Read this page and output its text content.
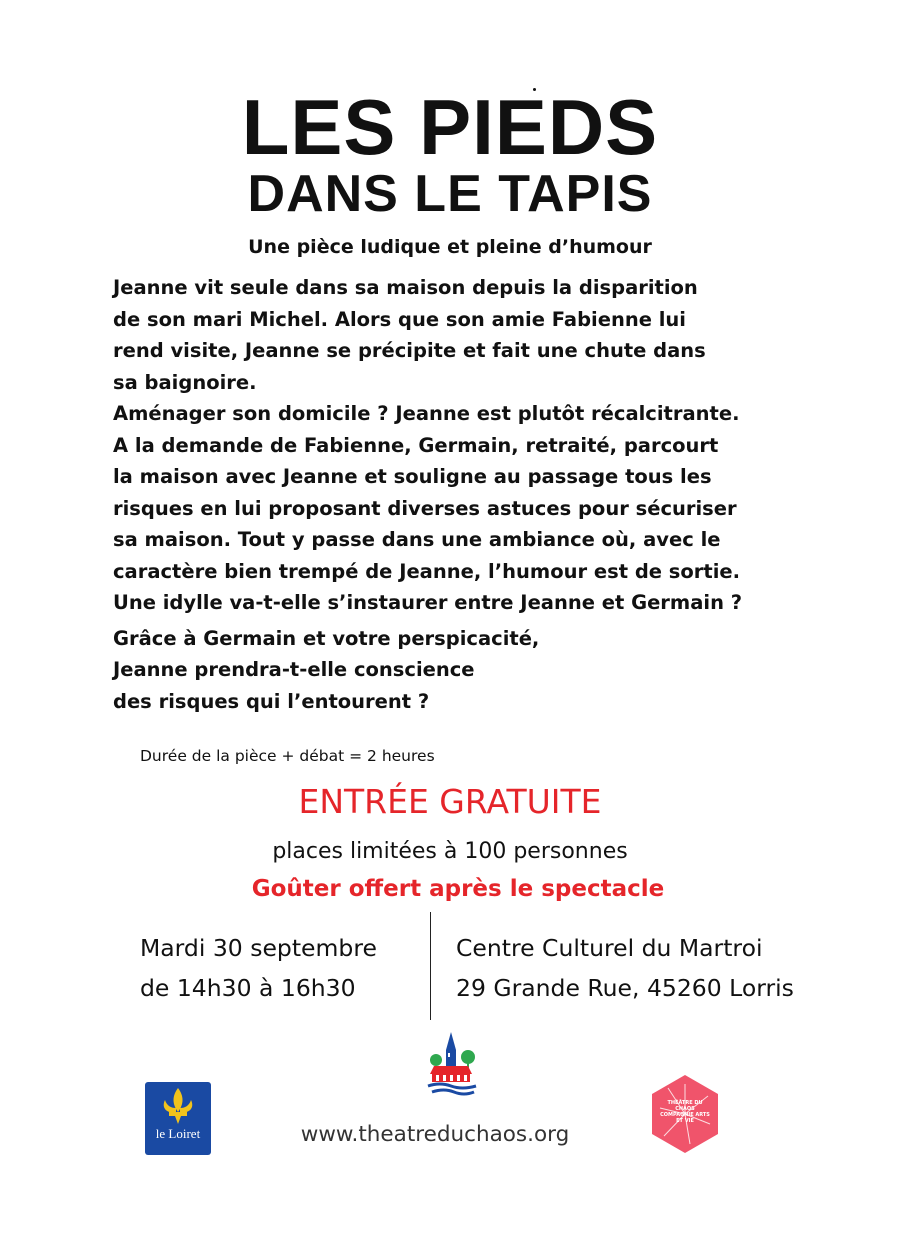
LES PIEDS
DANS LE TAPIS
Une pièce ludique et pleine d’humour
Jeanne vit seule dans sa maison depuis la disparition
de son mari Michel. Alors que son amie Fabienne lui
rend visite, Jeanne se précipite et fait une chute dans
sa baignoire.
Aménager son domicile ? Jeanne est plutôt récalcitrante.
A la demande de Fabienne, Germain, retraité, parcourt
la maison avec Jeanne et souligne au passage tous les
risques en lui proposant diverses astuces pour sécuriser
sa maison. Tout y passe dans une ambiance où, avec le
caractère bien trempé de Jeanne, l’humour est de sortie.
Une idylle va-t-elle s’instaurer entre Jeanne et Germain ?
Grâce à Germain et votre perspicacité,
Jeanne prendra-t-elle conscience
des risques qui l’entourent ?
Durée de la pièce + débat = 2 heures
ENTRÉE GRATUITE
places limitées à 100 personnes
Goûter offert après le spectacle
Mardi 30 septembre
de 14h30 à 16h30
Centre Culturel du Martroi
29 Grande Rue, 45260 Lorris
le Loiret	www.theatreduchaos.org
THÉÂTRE DU CHAOS COMPAGNIE ARTS ET VIE
